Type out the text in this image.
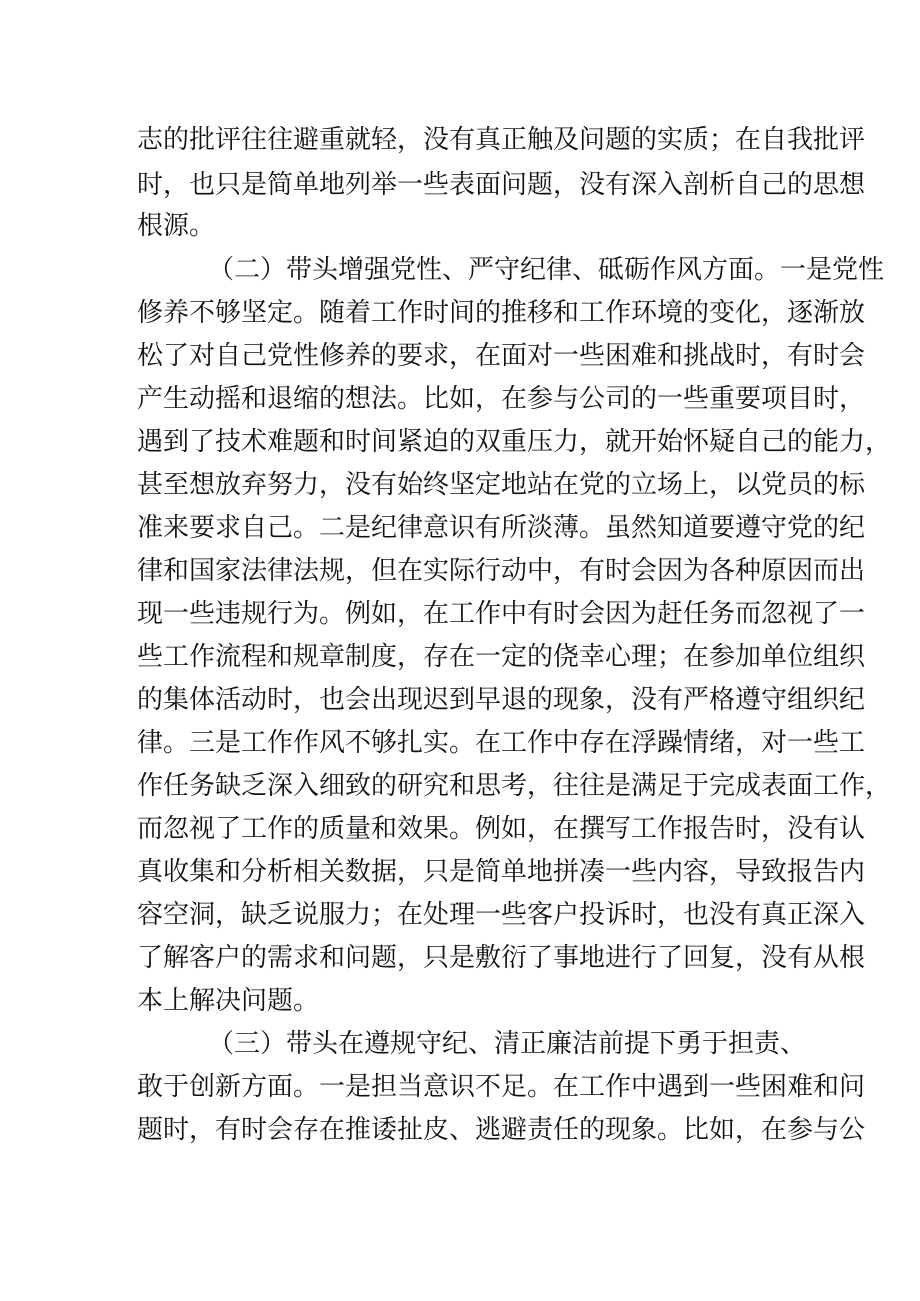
志的批评往往避重就轻，没有真正触及问题的实质；在自我批评

时，也只是简单地列举一些表面问题，没有深入剖析自己的思想

根源。

（二）带头增强党性、严守纪律、砥砺作风方面。一是党性

修养不够坚定。随着工作时间的推移和工作环境的变化，逐渐放

松了对自己党性修养的要求，在面对一些困难和挑战时，有时会

产生动摇和退缩的想法。比如，在参与公司的一些重要项目时，

遇到了技术难题和时间紧迫的双重压力，就开始怀疑自己的能力，

甚至想放弃努力，没有始终坚定地站在党的立场上，以党员的标

准来要求自己。二是纪律意识有所淡薄。虽然知道要遵守党的纪

律和国家法律法规，但在实际行动中，有时会因为各种原因而出

现一些违规行为。例如，在工作中有时会因为赶任务而忽视了一

些工作流程和规章制度，存在一定的侥幸心理；在参加单位组织

的集体活动时，也会出现迟到早退的现象，没有严格遵守组织纪

律。三是工作作风不够扎实。在工作中存在浮躁情绪，对一些工

作任务缺乏深入细致的研究和思考，往往是满足于完成表面工作，

而忽视了工作的质量和效果。例如，在撰写工作报告时，没有认

真收集和分析相关数据，只是简单地拼凑一些内容，导致报告内

容空洞，缺乏说服力；在处理一些客户投诉时，也没有真正深入

了解客户的需求和问题，只是敷衍了事地进行了回复，没有从根

本上解决问题。

（三）带头在遵规守纪、清正廉洁前提下勇于担责、

敢于创新方面。一是担当意识不足。在工作中遇到一些困难和问

题时，有时会存在推诿扯皮、逃避责任的现象。比如，在参与公
